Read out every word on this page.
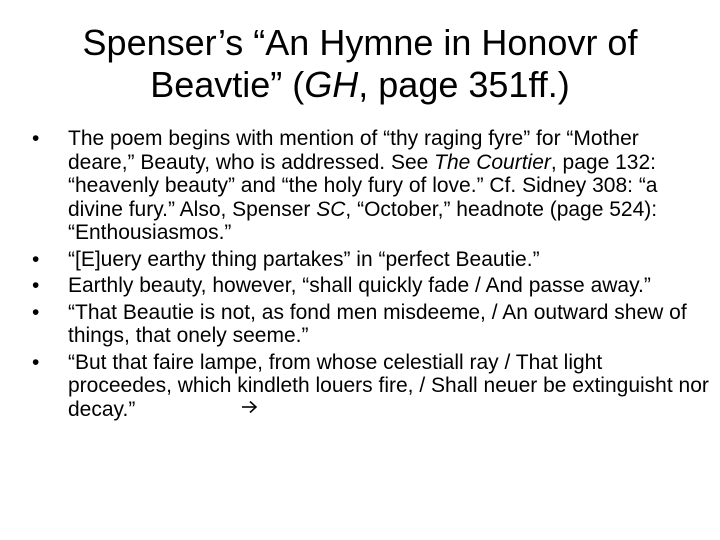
Spenser’s “An Hymne in Honovr of
Beavtie” (GH, page 351ff.)
• The poem begins with mention of “thy raging fyre” for “Mother deare,” Beauty, who is addressed. See The Courtier, page 132: “heavenly beauty” and “the holy fury of love.” Cf. Sidney 308: “a divine fury.” Also, Spenser SC, “October,” headnote (page 524): “Enthousiasmos.”
• “[E]uery earthy thing partakes” in “perfect Beautie.”
• Earthly beauty, however, “shall quickly fade / And passe away.”
• “That Beautie is not, as fond men misdeeme, / An outward shew of things, that onely seeme.”
• “But that faire lampe, from whose celestiall ray / That light proceedes, which kindleth louers fire, / Shall neuer be extinguisht nor decay.”
